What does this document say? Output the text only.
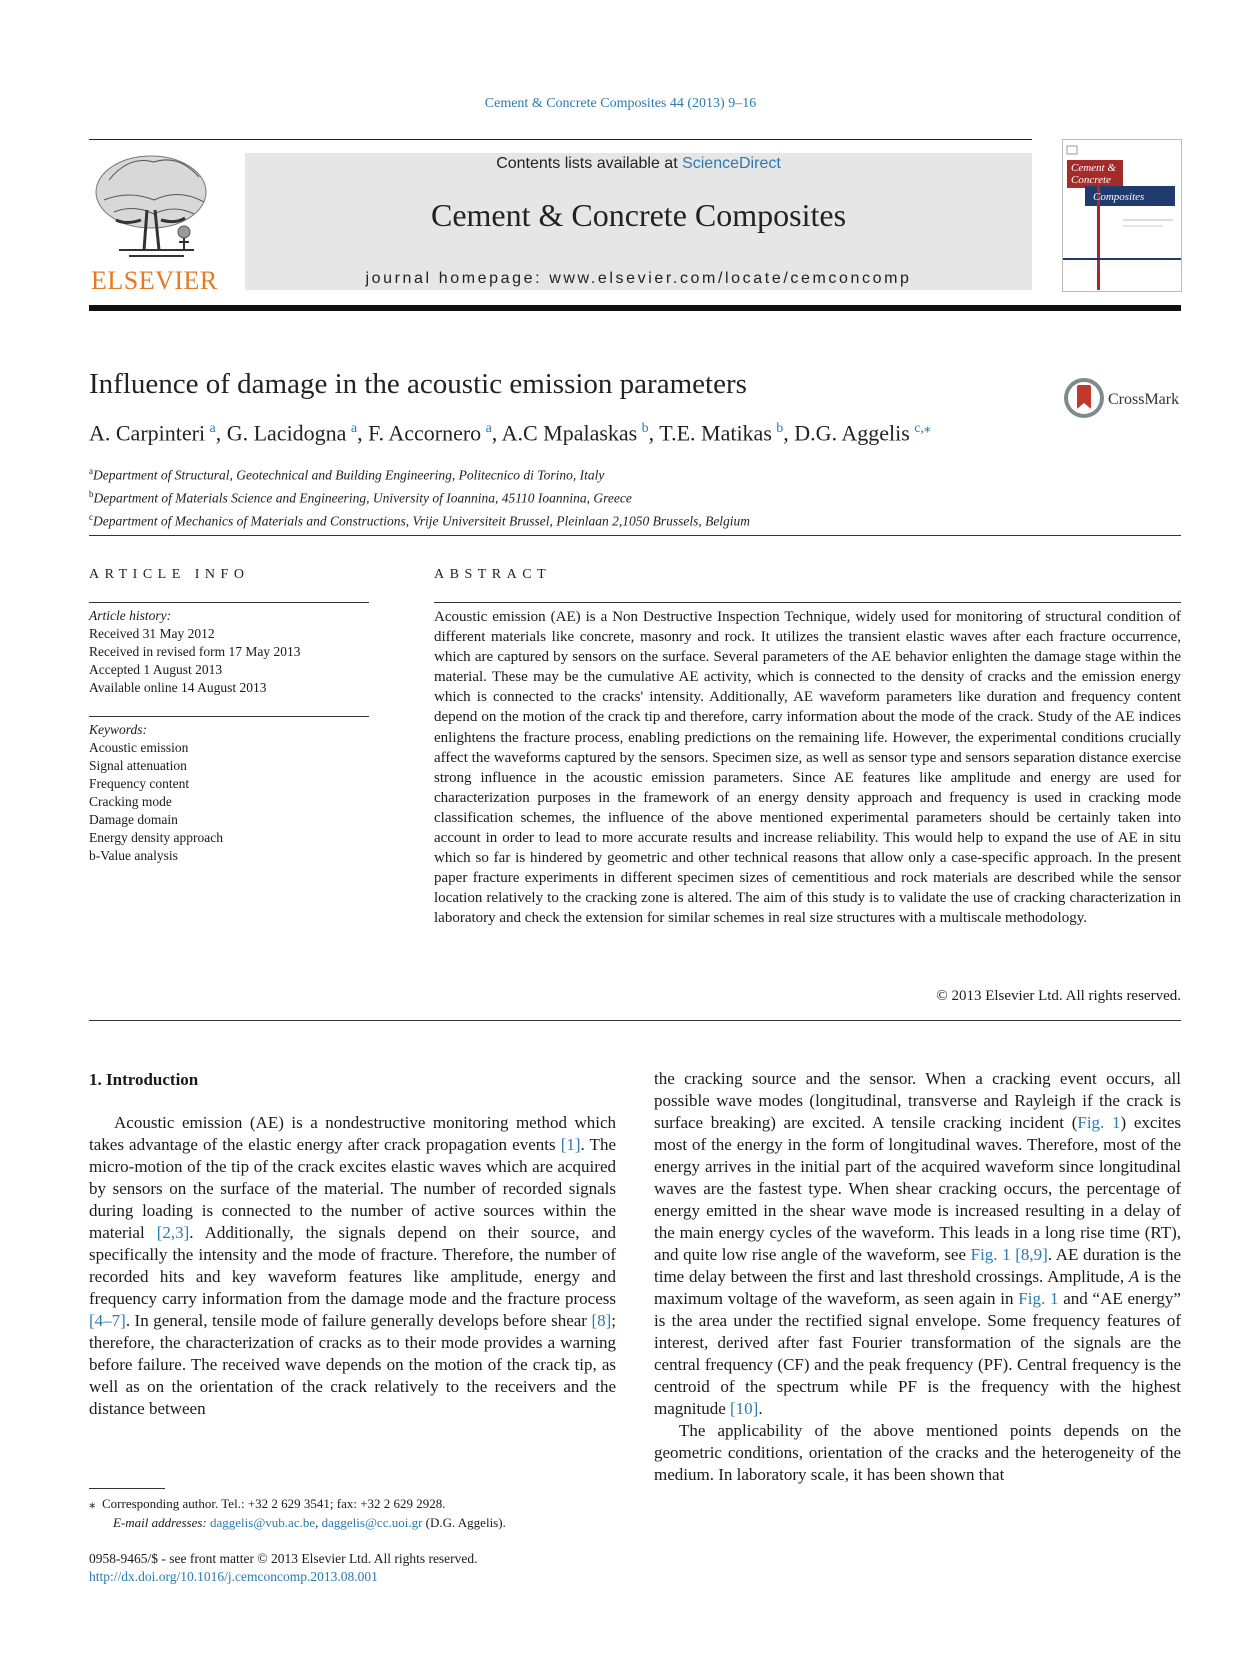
Cement & Concrete Composites 44 (2013) 9–16
ELSEVIER
Contents lists available at ScienceDirect
Cement & Concrete Composites
journal homepage: www.elsevier.com/locate/cemconcomp
Cement &
Concrete
Composites
Influence of damage in the acoustic emission parameters	CrossMark
A. Carpinteri  $^a$, G. Lacidogna  $^a$, F. Accornero  $^a$, A.C Mpalaskas  $^b$, T.E. Matikas  $^b$, D.G. Aggelis  $^{c,⁎}$
$^a$Department of Structural, Geotechnical and Building Engineering, Politecnico di Torino, Italy
$^b$Department of Materials Science and Engineering, University of Ioannina, 45110 Ioannina, Greece
$^c$Department of Mechanics of Materials and Constructions, Vrije Universiteit Brussel, Pleinlaan 2,1050 Brussels, Belgium
ARTICLE INFO
Article history:
Received 31 May 2012
Received in revised form 17 May 2013
Accepted 1 August 2013
Available online 14 August 2013
Keywords:
Acoustic emission
Signal attenuation
Frequency content
Cracking mode
Damage domain
Energy density approach
b-Value analysis
ABSTRACT
Acoustic emission (AE) is a Non Destructive Inspection Technique, widely used for monitoring of structural condition of different materials like concrete, masonry and rock. It utilizes the transient elastic waves after each fracture occurrence, which are captured by sensors on the surface. Several parameters of the AE behavior enlighten the damage stage within the material. These may be the cumulative AE activity, which is connected to the density of cracks and the emission energy which is connected to the cracks' intensity. Additionally, AE waveform parameters like duration and frequency content depend on the motion of the crack tip and therefore, carry information about the mode of the crack. Study of the AE indices enlightens the fracture process, enabling predictions on the remaining life. However, the experimental conditions crucially affect the waveforms captured by the sensors. Specimen size, as well as sensor type and sensors separation distance exercise strong influence in the acoustic emission parameters. Since AE features like amplitude and energy are used for characterization purposes in the framework of an energy density approach and frequency is used in cracking mode classification schemes, the influence of the above mentioned experimental parameters should be certainly taken into account in order to lead to more accurate results and increase reliability. This would help to expand the use of AE in situ which so far is hindered by geometric and other technical reasons that allow only a case-specific approach. In the present paper fracture experiments in different specimen sizes of cementitious and rock materials are described while the sensor location relatively to the cracking zone is altered. The aim of this study is to validate the use of cracking characterization in laboratory and check the extension for similar schemes in real size structures with a multiscale methodology.
© 2013 Elsevier Ltd. All rights reserved.
1. Introduction
Acoustic emission (AE) is a nondestructive monitoring method which takes advantage of the elastic energy after crack propagation events [1]. The micro-motion of the tip of the crack excites elastic waves which are acquired by sensors on the surface of the material. The number of recorded signals during loading is connected to the number of active sources within the material [2,3]. Additionally, the signals depend on their source, and specifically the intensity and the mode of fracture. Therefore, the number of recorded hits and key waveform features like amplitude, energy and frequency carry information from the damage mode and the fracture process [4–7]. In general, tensile mode of failure generally develops before shear [8]; therefore, the characterization of cracks as to their mode provides a warning before failure. The received wave depends on the motion of the crack tip, as well as on the orientation of the crack relatively to the receivers and the distance between

the cracking source and the sensor. When a cracking event occurs, all possible wave modes (longitudinal, transverse and Rayleigh if the crack is surface breaking) are excited. A tensile cracking incident (Fig. 1) excites most of the energy in the form of longitudinal waves. Therefore, most of the energy arrives in the initial part of the acquired waveform since longitudinal waves are the fastest type. When shear cracking occurs, the percentage of energy emitted in the shear wave mode is increased resulting in a delay of the main energy cycles of the waveform. This leads in a long rise time (RT), and quite low rise angle of the waveform, see Fig. 1 [8,9]. AE duration is the time delay between the first and last threshold crossings. Amplitude, A is the maximum voltage of the waveform, as seen again in Fig. 1 and “AE energy” is the area under the rectified signal envelope. Some frequency features of interest, derived after fast Fourier transformation of the signals are the central frequency (CF) and the peak frequency (PF). Central frequency is the centroid of the spectrum while PF is the frequency with the highest magnitude [10].

The applicability of the above mentioned points depends on the geometric conditions, orientation of the cracks and the heterogeneity of the medium. In laboratory scale, it has been shown that

⁎ Corresponding author. Tel.: +32 2 629 3541; fax: +32 2 629 2928.
E-mail addresses: daggelis@vub.ac.be, daggelis@cc.uoi.gr (D.G. Aggelis).
0958-9465/$ - see front matter © 2013 Elsevier Ltd. All rights reserved.
http://dx.doi.org/10.1016/j.cemconcomp.2013.08.001
